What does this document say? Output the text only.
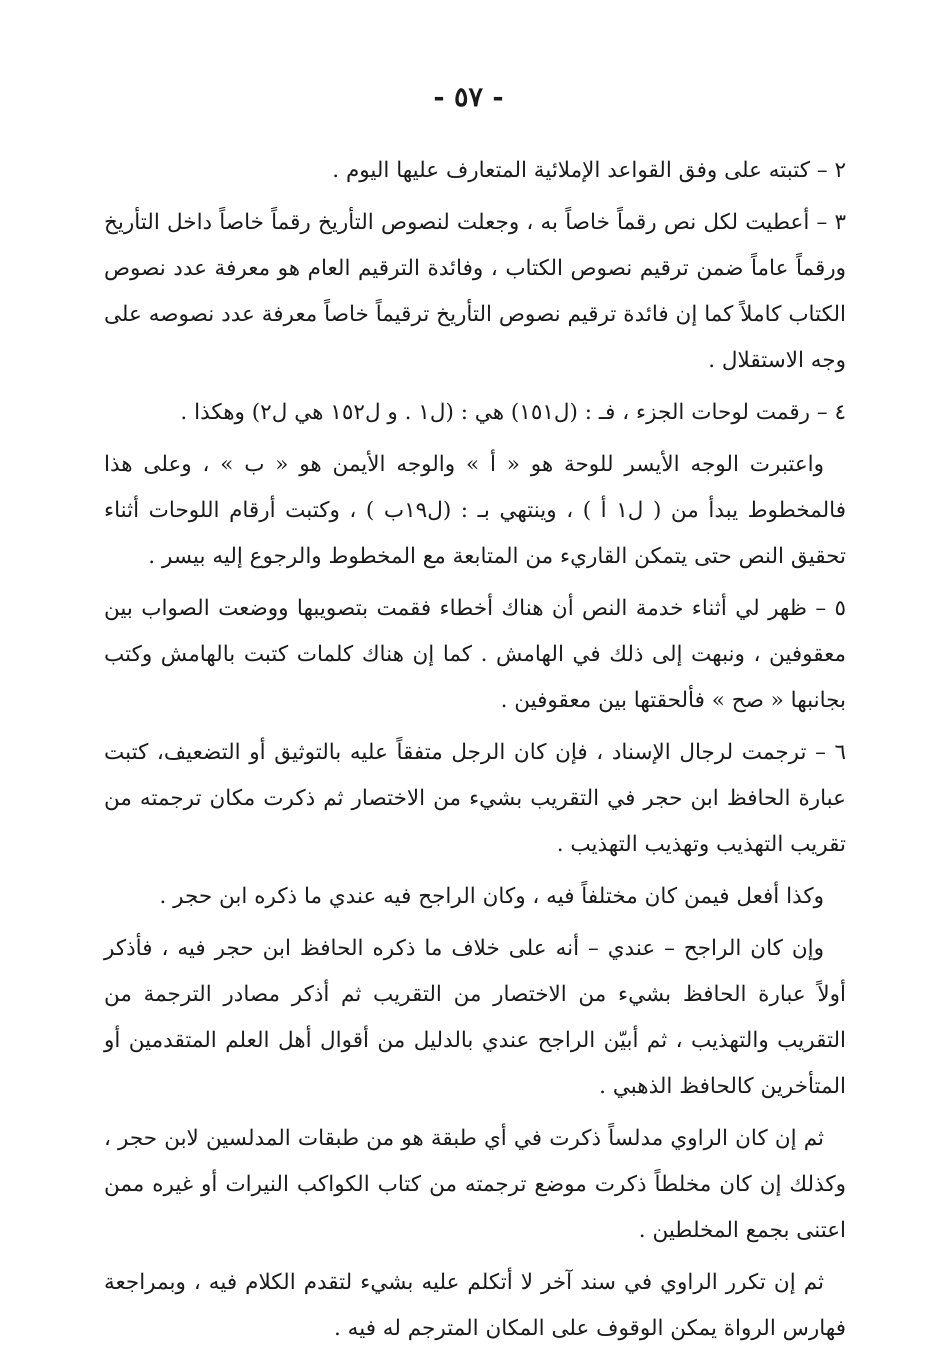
- ٥٧ -

٢ – كتبته على وفق القواعد الإملائية المتعارف عليها اليوم .

٣ – أعطيت لكل نص رقماً خاصاً به ، وجعلت لنصوص التأريخ رقماً خاصاً داخل التأريخ ورقماً عاماً ضمن ترقيم نصوص الكتاب ، وفائدة الترقيم العام هو معرفة عدد نصوص الكتاب كاملاً كما إن فائدة ترقيم نصوص التأريخ ترقيماً خاصاً معرفة عدد نصوصه على وجه الاستقلال .

٤ – رقمت لوحات الجزء ، فـ : (ل١٥١) هي : (ل١ . و ل١٥٢ هي ل٢) وهكذا .

واعتبرت الوجه الأيسر للوحة هو « أ » والوجه الأيمن هو « ب » ، وعلى هذا فالمخطوط يبدأ من ( ل١ أ ) ، وينتهي بـ : (ل١٩ب ) ، وكتبت أرقام اللوحات أثناء تحقيق النص حتى يتمكن القاريء من المتابعة مع المخطوط والرجوع إليه بيسر .

٥ – ظهر لي أثناء خدمة النص أن هناك أخطاء فقمت بتصويبها ووضعت الصواب بين معقوفين ، ونبهت إلى ذلك في الهامش . كما إن هناك كلمات كتبت بالهامش وكتب بجانبها « صح » فألحقتها بين معقوفين .

٦ – ترجمت لرجال الإسناد ، فإن كان الرجل متفقاً عليه بالتوثيق أو التضعيف، كتبت عبارة الحافظ ابن حجر في التقريب بشيء من الاختصار ثم ذكرت مكان ترجمته من تقريب التهذيب وتهذيب التهذيب .

وكذا أفعل فيمن كان مختلفاً فيه ، وكان الراجح فيه عندي ما ذكره ابن حجر .

وإن كان الراجح – عندي – أنه على خلاف ما ذكره الحافظ ابن حجر فيه ، فأذكر أولاً عبارة الحافظ بشيء من الاختصار من التقريب ثم أذكر مصادر الترجمة من التقريب والتهذيب ، ثم أبيّن الراجح عندي بالدليل من أقوال أهل العلم المتقدمين أو المتأخرين كالحافظ الذهبي .

ثم إن كان الراوي مدلساً ذكرت في أي طبقة هو من طبقات المدلسين لابن حجر ، وكذلك إن كان مخلطاً ذكرت موضع ترجمته من كتاب الكواكب النيرات أو غيره ممن اعتنى بجمع المخلطين .

ثم إن تكرر الراوي في سند آخر لا أتكلم عليه بشيء لتقدم الكلام فيه ، وبمراجعة فهارس الرواة يمكن الوقوف على المكان المترجم له فيه .
